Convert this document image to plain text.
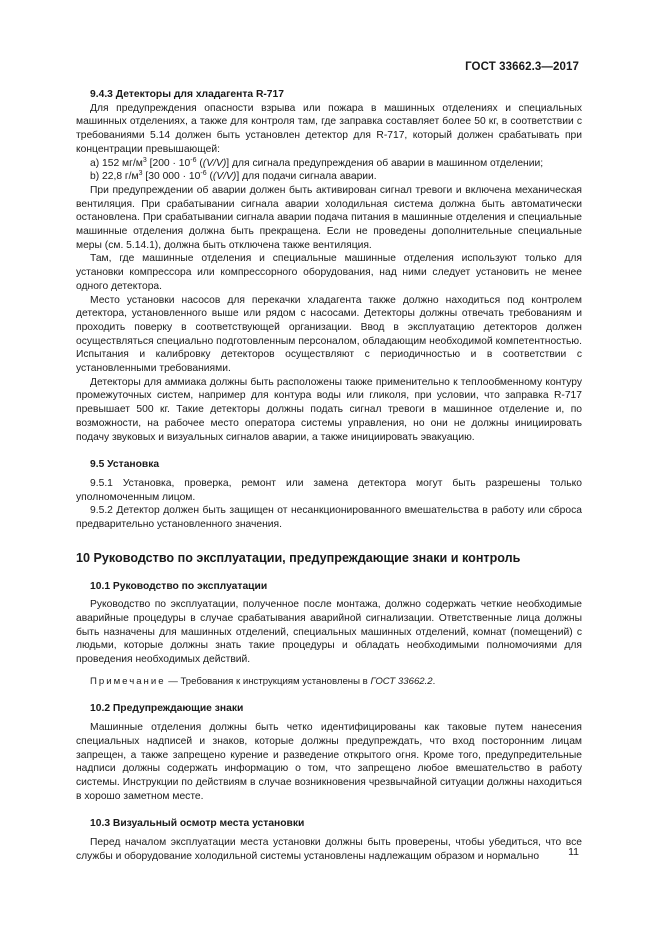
ГОСТ 33662.3—2017
9.4.3 Детекторы для хладагента R-717

Для предупреждения опасности взрыва или пожара в машинных отделениях и специальных машинных отделениях, а также для контроля там, где заправка составляет более 50 кг, в соответствии с требованиями 5.14 должен быть установлен детектор для R-717, который должен срабатывать при концентрации превышающей:

a) 152 $мг/м^3$ [$200 \cdot 10^{-6}$ ((V/V)] для сигнала предупреждения об аварии в машинном отделении;

b) 22,8 $г/м^3$ [30 $000 \cdot 10^{-6}$ ((V/V)] для подачи сигнала аварии.

При предупреждении об аварии должен быть активирован сигнал тревоги и включена механическая вентиляция. При срабатывании сигнала аварии холодильная система должна быть автоматически остановлена. При срабатывании сигнала аварии подача питания в машинные отделения и специальные машинные отделения должна быть прекращена. Если не проведены дополнительные специальные меры (см. 5.14.1), должна быть отключена также вентиляция.

Там, где машинные отделения и специальные машинные отделения используют только для установки компрессора или компрессорного оборудования, над ними следует установить не менее одного детектора.

Место установки насосов для перекачки хладагента также должно находиться под контролем детектора, установленного выше или рядом с насосами. Детекторы должны отвечать требованиям и проходить поверку в соответствующей организации. Ввод в эксплуатацию детекторов должен осуществляться специально подготовленным персоналом, обладающим необходимой компетентностью. Испытания и калибровку детекторов осуществляют с периодичностью и в соответствии с установленными требованиями.

Детекторы для аммиака должны быть расположены также применительно к теплообменному контуру промежуточных систем, например для контура воды или гликоля, при условии, что заправка R-717 превышает 500 кг. Такие детекторы должны подать сигнал тревоги в машинное отделение и, по возможности, на рабочее место оператора системы управления, но они не должны инициировать подачу звуковых и визуальных сигналов аварии, а также инициировать эвакуацию.

9.5 Установка

9.5.1 Установка, проверка, ремонт или замена детектора могут быть разрешены только уполномоченным лицом.

9.5.2 Детектор должен быть защищен от несанкционированного вмешательства в работу или сброса предварительно установленного значения.

10 Руководство по эксплуатации, предупреждающие знаки и контроль
10.1 Руководство по эксплуатации

Руководство по эксплуатации, полученное после монтажа, должно содержать четкие необходимые аварийные процедуры в случае срабатывания аварийной сигнализации. Ответственные лица должны быть назначены для машинных отделений, специальных машинных отделений, комнат (помещений) с людьми, которые должны знать такие процедуры и обладать необходимыми полномочиями для проведения необходимых действий.

Примечание — Требования к инструкциям установлены в ГОСТ 33662.2.

10.2 Предупреждающие знаки

Машинные отделения должны быть четко идентифицированы как таковые путем нанесения специальных надписей и знаков, которые должны предупреждать, что вход посторонним лицам запрещен, а также запрещено курение и разведение открытого огня. Кроме того, предупредительные надписи должны содержать информацию о том, что запрещено любое вмешательство в работу системы. Инструкции по действиям в случае возникновения чрезвычайной ситуации должны находиться в хорошо заметном месте.

10.3 Визуальный осмотр места установки

Перед началом эксплуатации места установки должны быть проверены, чтобы убедиться, что все службы и оборудование холодильной системы установлены надлежащим образом и нормально	11
